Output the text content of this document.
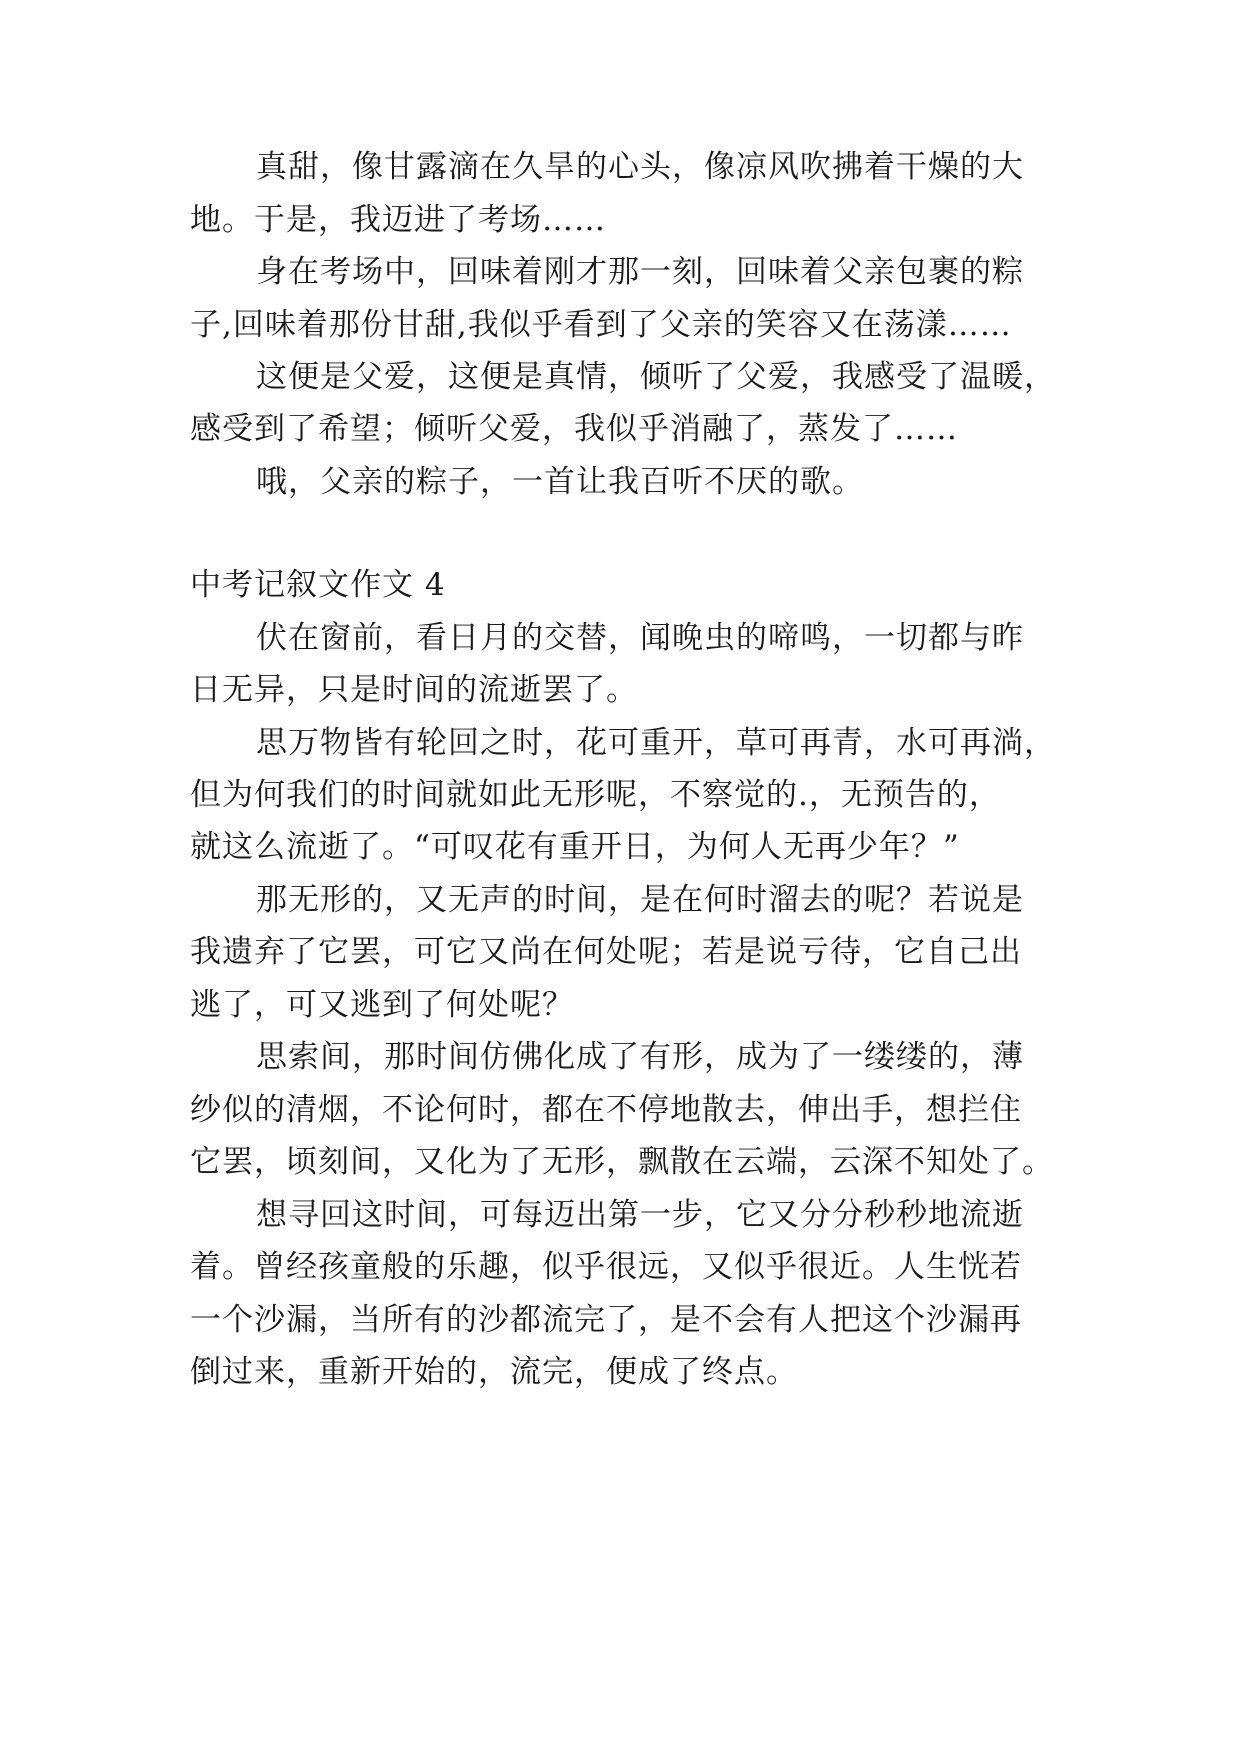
真甜，像甘露滴在久旱的心头，像凉风吹拂着干燥的大
地。于是，我迈进了考场……
身在考场中，回味着刚才那一刻，回味着父亲包裹的粽
子,回味着那份甘甜,我似乎看到了父亲的笑容又在荡漾……
这便是父爱，这便是真情，倾听了父爱，我感受了温暖，
感受到了希望；倾听父爱，我似乎消融了，蒸发了……
哦，父亲的粽子，一首让我百听不厌的歌。
中考记叙文作文 4
伏在窗前，看日月的交替，闻晚虫的啼鸣，一切都与昨
日无异，只是时间的流逝罢了。
思万物皆有轮回之时，花可重开，草可再青，水可再淌，
但为何我们的时间就如此无形呢，不察觉的.，无预告的，
就这么流逝了。“可叹花有重开日，为何人无再少年？”
那无形的，又无声的时间，是在何时溜去的呢？若说是
我遗弃了它罢，可它又尚在何处呢；若是说亏待，它自己出
逃了，可又逃到了何处呢？
思索间，那时间仿佛化成了有形，成为了一缕缕的，薄
纱似的清烟，不论何时，都在不停地散去，伸出手，想拦住
它罢，顷刻间，又化为了无形，飘散在云端，云深不知处了。
想寻回这时间，可每迈出第一步，它又分分秒秒地流逝
着。曾经孩童般的乐趣，似乎很远，又似乎很近。人生恍若
一个沙漏，当所有的沙都流完了，是不会有人把这个沙漏再
倒过来，重新开始的，流完，便成了终点。
